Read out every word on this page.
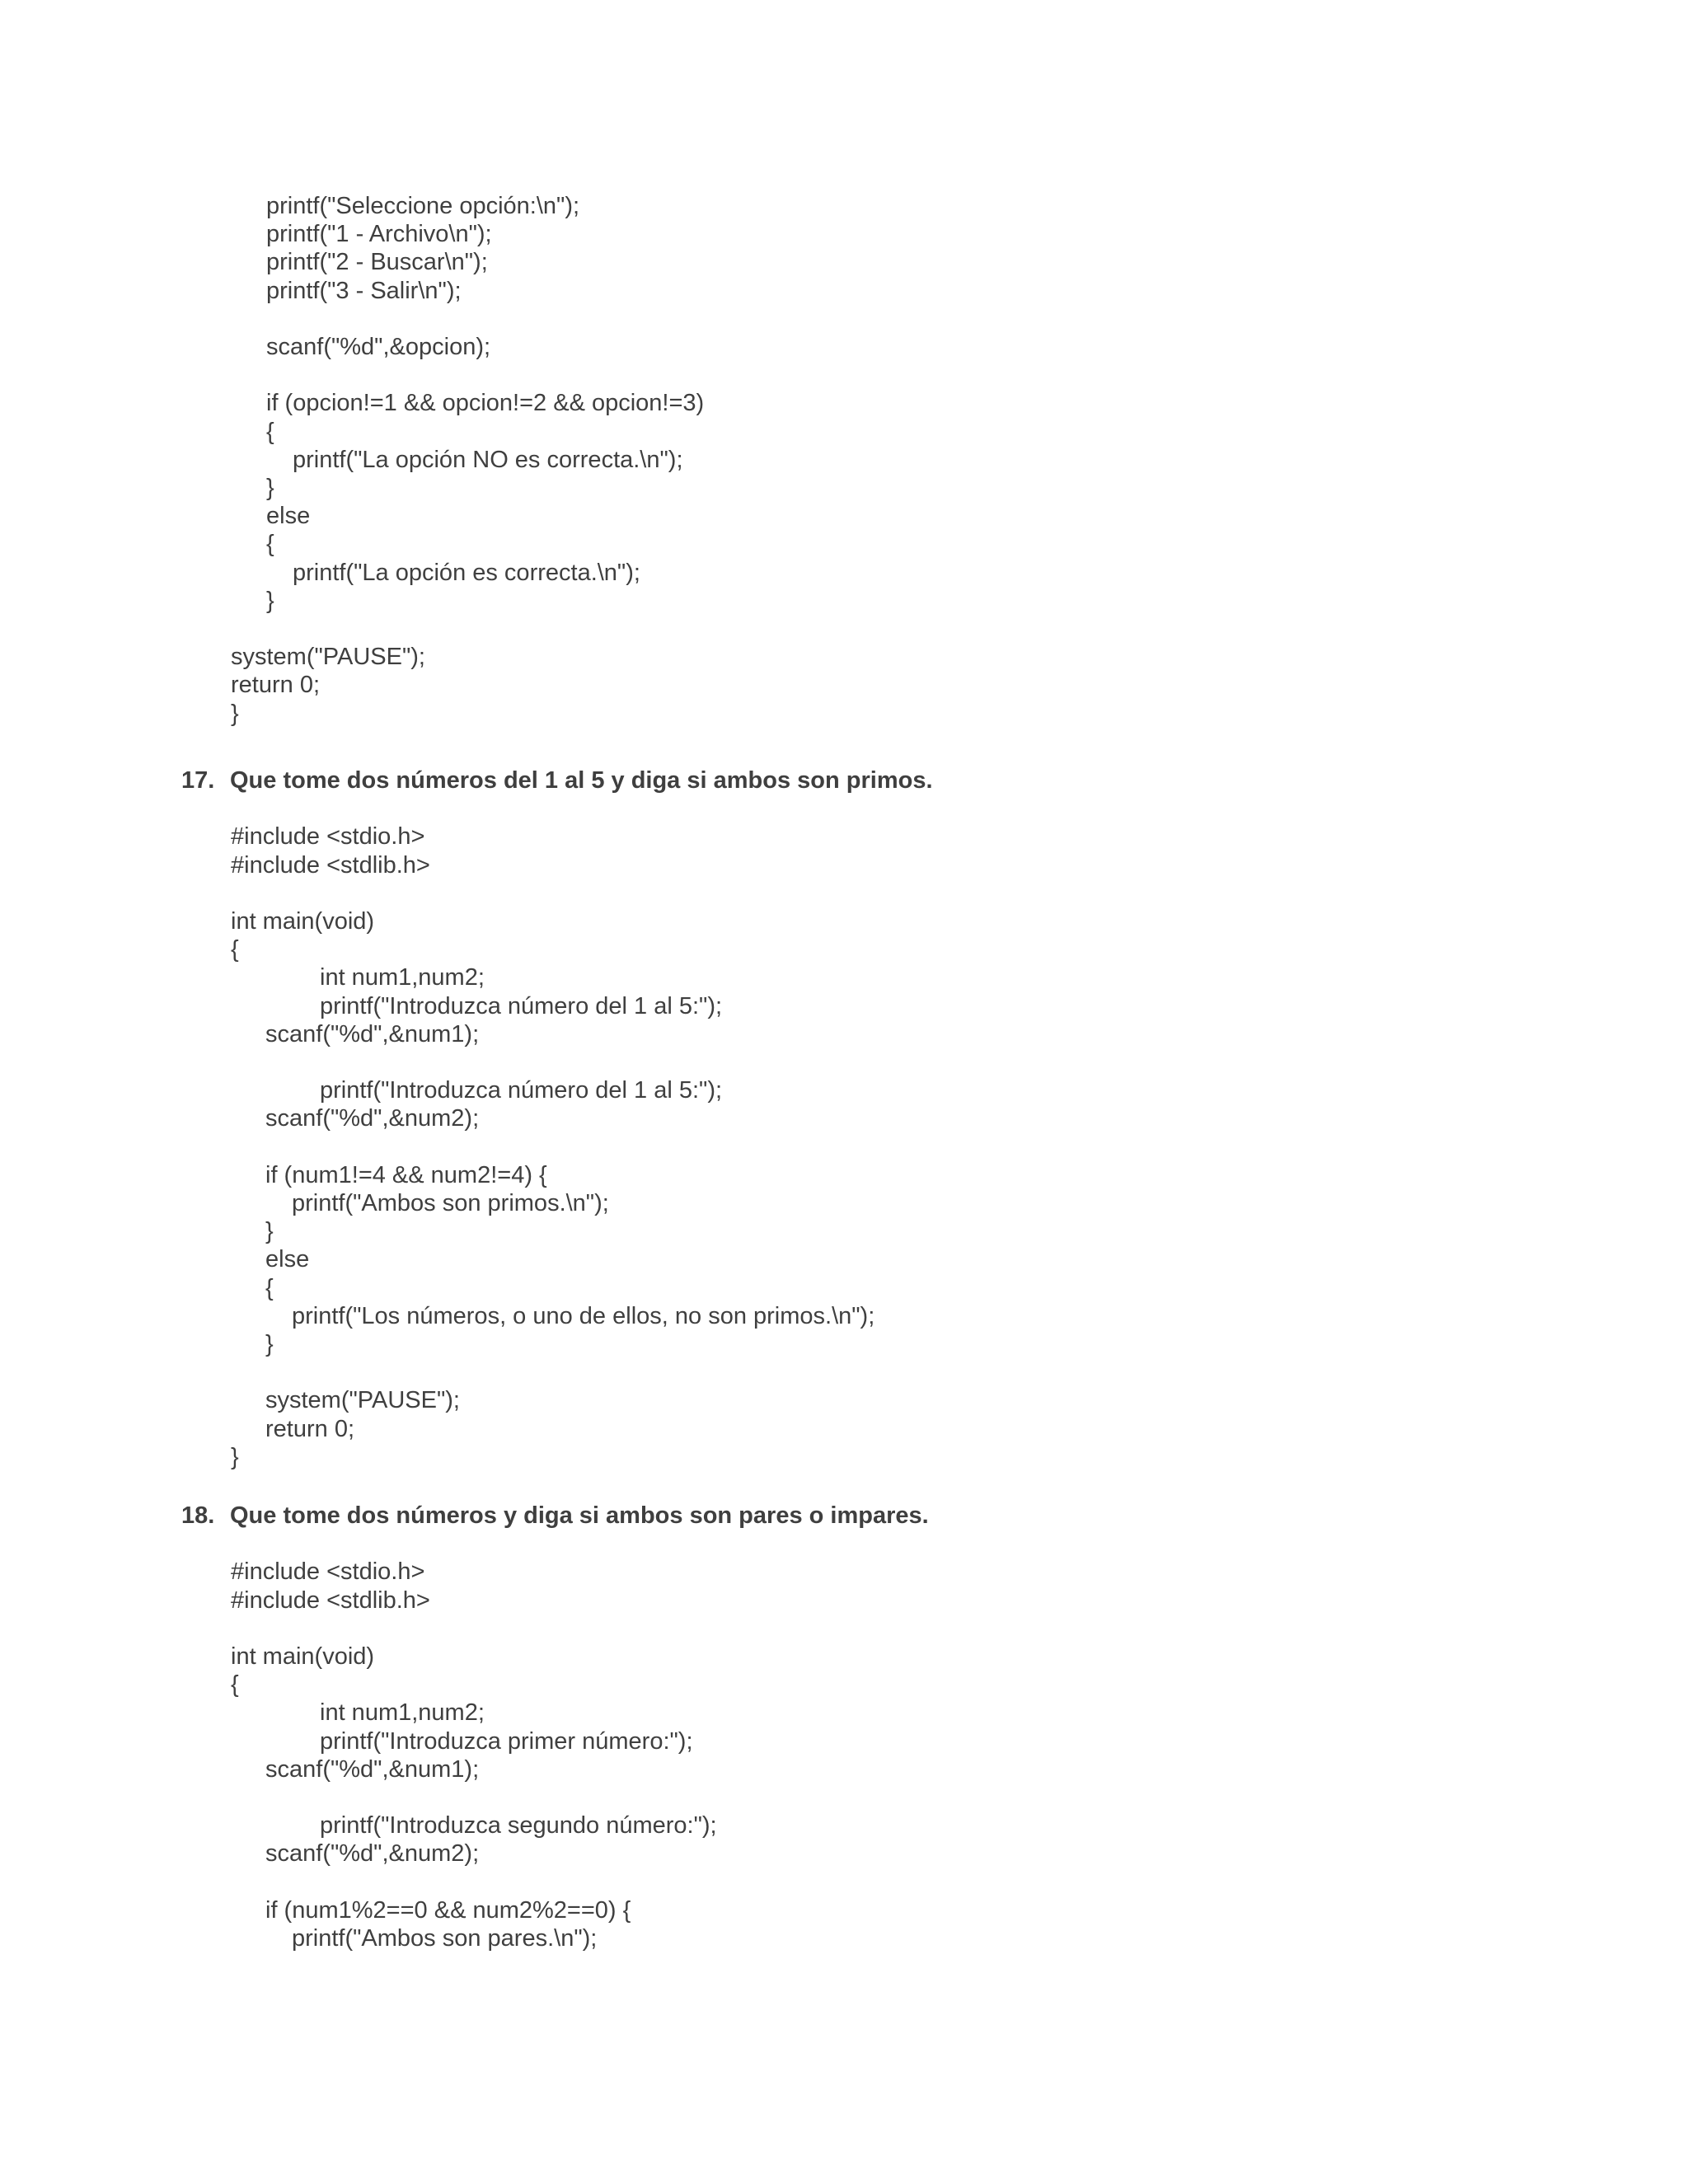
printf("Seleccione opción:\n");
printf("1 - Archivo\n");
printf("2 - Buscar\n");
printf("3 - Salir\n");
scanf("%d",&opcion);
if (opcion!=1 && opcion!=2 && opcion!=3)
{
printf("La opción NO es correcta.\n");
}
else
{
printf("La opción es correcta.\n");
}
system("PAUSE");
return 0;
}
17. Que tome dos números del 1 al 5 y diga si ambos son primos.
#include <stdio.h>
#include <stdlib.h>
int main(void)
{
int num1,num2;
printf("Introduzca número del 1 al 5:");
scanf("%d",&num1);
printf("Introduzca número del 1 al 5:");
scanf("%d",&num2);
if (num1!=4 && num2!=4) {
printf("Ambos son primos.\n");
}
else
{
printf("Los números, o uno de ellos, no son primos.\n");
}
system("PAUSE");
return 0;
}
18. Que tome dos números y diga si ambos son pares o impares.
#include <stdio.h>
#include <stdlib.h>
int main(void)
{
int num1,num2;
printf("Introduzca primer número:");
scanf("%d",&num1);
printf("Introduzca segundo número:");
scanf("%d",&num2);
if (num1%2==0 && num2%2==0) {
printf("Ambos son pares.\n");
